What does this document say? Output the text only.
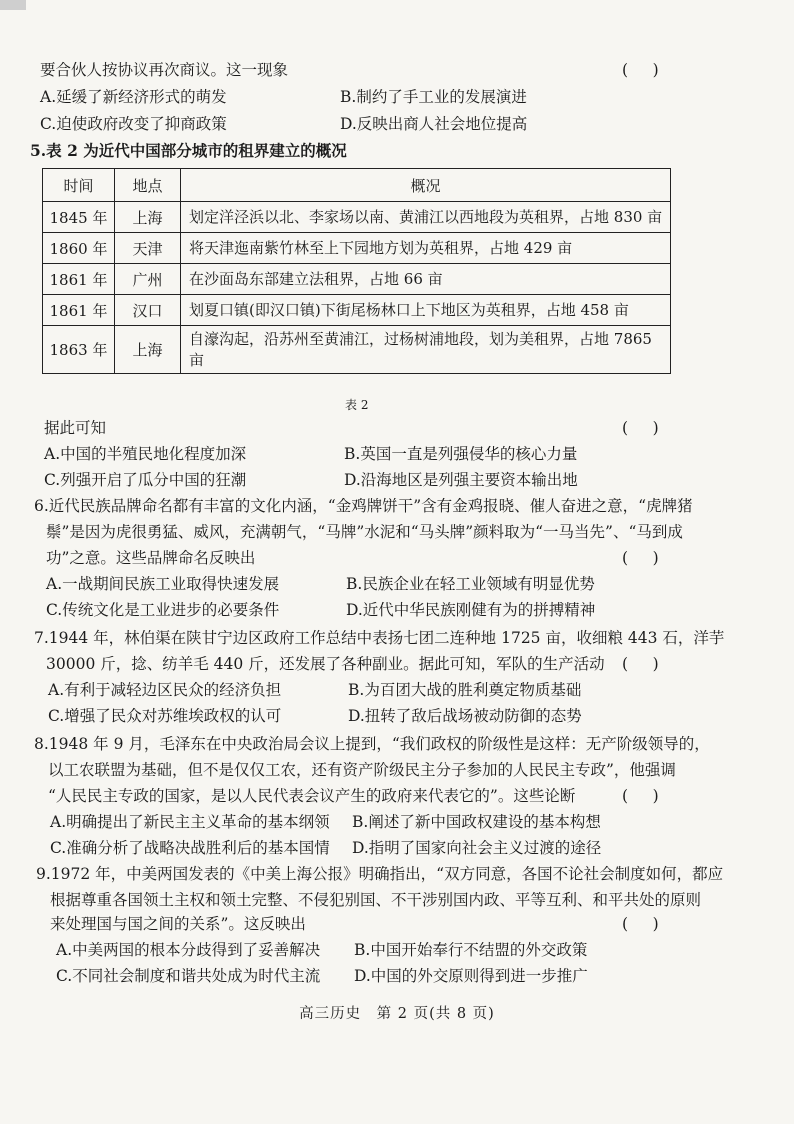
要合伙人按协议再次商议。这一现象	(     )
A.延缓了新经济形式的萌发	B.制约了手工业的发展演进
C.迫使政府改变了抑商政策	D.反映出商人社会地位提高
5.表 2 为近代中国部分城市的租界建立的概况
时间	地点	概况
1845 年	上海	划定洋泾浜以北、李家场以南、黄浦江以西地段为英租界，占地 830 亩
1860 年	天津	将天津迤南紫竹林至上下园地方划为英租界，占地 429 亩
1861 年	广州	在沙面岛东部建立法租界，占地 66 亩
1861 年	汉口	划夏口镇(即汉口镇)下街尾杨林口上下地区为英租界，占地 458 亩
1863 年	上海	自濠沟起，沿苏州至黄浦江，过杨树浦地段，划为美租界，占地 7865 亩
表 2
据此可知	(     )
A.中国的半殖民地化程度加深	B.英国一直是列强侵华的核心力量
C.列强开启了瓜分中国的狂潮	D.沿海地区是列强主要资本输出地
6.近代民族品牌命名都有丰富的文化内涵，“金鸡牌饼干”含有金鸡报晓、催人奋进之意，“虎牌猪
鬃”是因为虎很勇猛、威风，充满朝气，“马牌”水泥和“马头牌”颜料取为“一马当先”、“马到成
功”之意。这些品牌命名反映出	(     )
A.一战期间民族工业取得快速发展	B.民族企业在轻工业领域有明显优势
C.传统文化是工业进步的必要条件	D.近代中华民族刚健有为的拼搏精神
7.1944 年，林伯渠在陕甘宁边区政府工作总结中表扬七团二连种地 1725 亩，收细粮 443 石，洋芋
30000 斤，捻、纺羊毛 440 斤，还发展了各种副业。据此可知，军队的生产活动 (     )
A.有利于减轻边区民众的经济负担	B.为百团大战的胜利奠定物质基础
C.增强了民众对苏维埃政权的认可	D.扭转了敌后战场被动防御的态势
8.1948 年 9 月，毛泽东在中央政治局会议上提到，“我们政权的阶级性是这样：无产阶级领导的，
以工农联盟为基础，但不是仅仅工农，还有资产阶级民主分子参加的人民民主专政”，他强调
“人民民主专政的国家，是以人民代表会议产生的政府来代表它的”。这些论断	(     )
A.明确提出了新民主主义革命的基本纲领 B.阐述了新中国政权建设的基本构想
C.准确分析了战略决战胜利后的基本国情 D.指明了国家向社会主义过渡的途径
9.1972 年，中美两国发表的《中美上海公报》明确指出，“双方同意，各国不论社会制度如何，都应
根据尊重各国领土主权和领土完整、不侵犯别国、不干涉别国内政、平等互利、和平共处的原则
来处理国与国之间的关系”。这反映出	(     )
A.中美两国的根本分歧得到了妥善解决 B.中国开始奉行不结盟的外交政策
C.不同社会制度和谐共处成为时代主流 D.中国的外交原则得到进一步推广
高三历史　第 2 页(共 8 页)
